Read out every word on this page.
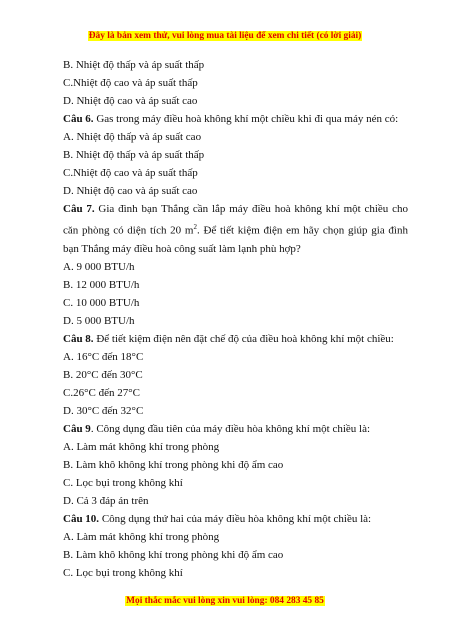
Đây là bản xem thử, vui lòng mua tài liệu để xem chi tiết (có lời giải)
B. Nhiệt độ thấp và áp suất thấp
C.Nhiệt độ cao và áp suất thấp
D. Nhiệt độ cao và áp suất cao
Câu 6. Gas trong máy điều hoà không khí một chiều khi đi qua máy nén có:
A. Nhiệt độ thấp và áp suất cao
B. Nhiệt độ thấp và áp suất thấp
C.Nhiệt độ cao và áp suất thấp
D. Nhiệt độ cao và áp suất cao
Câu 7. Gia đình bạn Thắng cần lắp máy điều hoà không khí một chiều cho căn phòng có diện tích 20 $m^2$. Để tiết kiệm điện em hãy chọn giúp gia đình bạn Thắng máy điều hoà công suất làm lạnh phù hợp?
A. 9 000 BTU/h
B. 12 000 BTU/h
C. 10 000 BTU/h
D. 5 000 BTU/h
Câu 8. Để tiết kiệm điện nên đặt chế độ của điều hoà không khí một chiều:
A. 16°C đến 18°C
B. 20°C đến 30°C
C.26°C đến 27°C
D. 30°C đến 32°C
Câu 9. Công dụng đầu tiên của máy điều hòa không khí một chiều là:
A. Làm mát không khí trong phòng
B. Làm khô không khí trong phòng khi độ ẩm cao
C. Lọc bụi trong không khí
D. Cả 3 đáp án trên
Câu 10. Công dụng thứ hai của máy điều hòa không khí một chiều là:
A. Làm mát không khí trong phòng
B. Làm khô không khí trong phòng khi độ ẩm cao
C. Lọc bụi trong không khí
Mọi thắc mắc vui lòng xin vui lòng: 084 283 45 85
